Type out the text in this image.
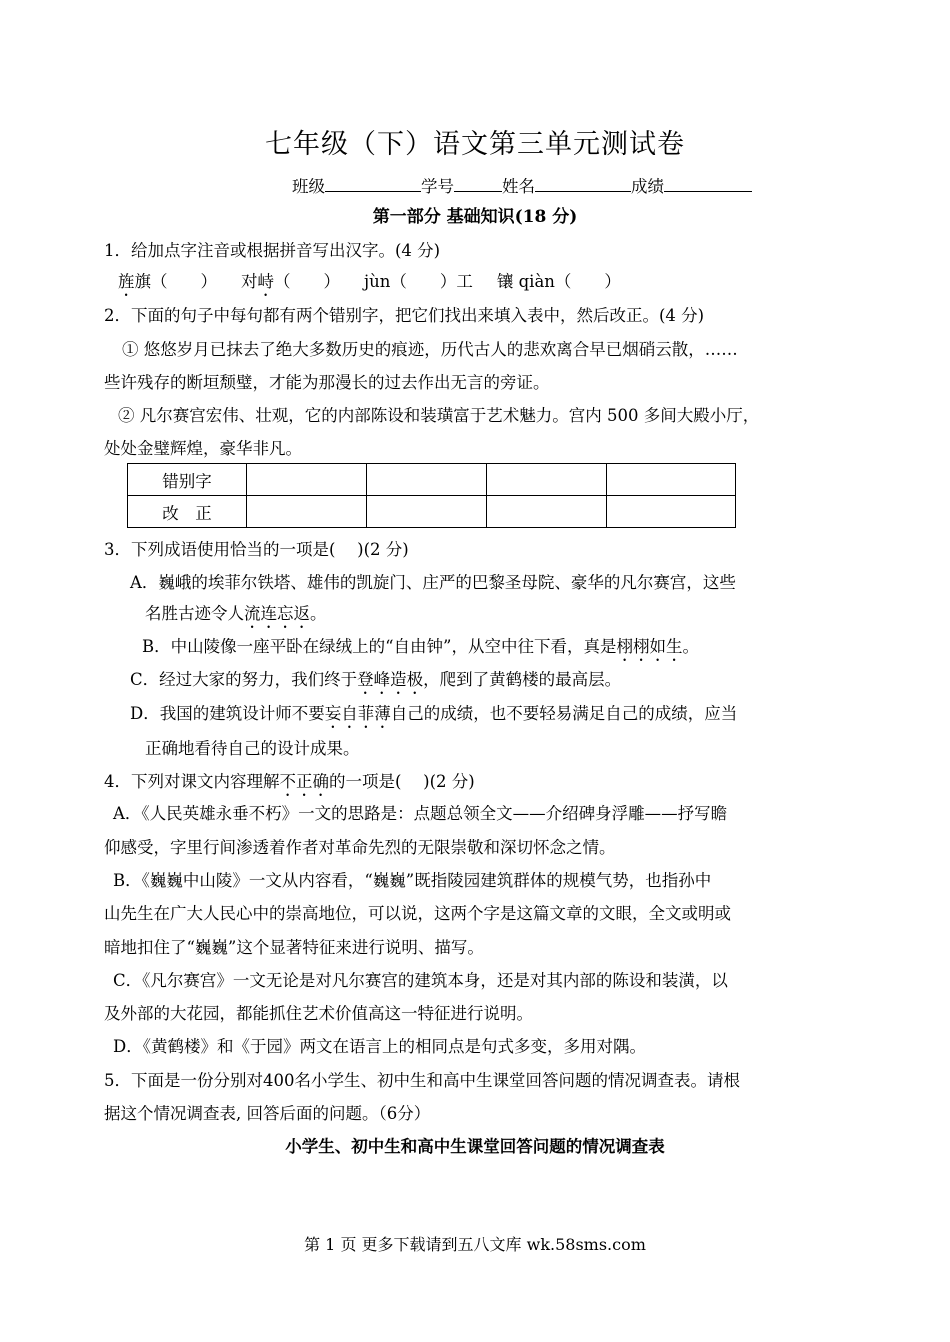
七年级（下）语文第三单元测试卷
班级	学号	姓名	成绩
第一部分 基础知识(18 分)
1．给加点字注音或根据拼音写出汉字。(4 分)
旌旗（　　） 对峙（　　） jùn（　　）工 镶 qiàn（　　）
2．下面的句子中每句都有两个错别字，把它们找出来填入表中，然后改正。(4 分)
① 悠悠岁月已抹去了绝大多数历史的痕迹，历代古人的悲欢离合早已烟硝云散，……
些许残存的断垣颓璧，才能为那漫长的过去作出无言的旁证。
② 凡尔赛宫宏伟、壮观，它的内部陈设和装璜富于艺术魅力。宫内 500 多间大殿小厅，
处处金璧辉煌，豪华非凡。
错别字				
改　正				
3．下列成语使用恰当的一项是(　 )(2 分)
A．巍峨的埃菲尔铁塔、雄伟的凯旋门、庄严的巴黎圣母院、豪华的凡尔赛宫，这些
名胜古迹令人流连忘返。
B．中山陵像一座平卧在绿绒上的“自由钟”，从空中往下看，真是栩栩如生。
C．经过大家的努力，我们终于登峰造极，爬到了黄鹤楼的最高层。
D．我国的建筑设计师不要妄自菲薄自己的成绩，也不要轻易满足自己的成绩，应当
正确地看待自己的设计成果。
4．下列对课文内容理解不正确的一项是(　 )(2 分)
A．《人民英雄永垂不朽》一文的思路是：点题总领全文——介绍碑身浮雕——抒写瞻
仰感受，字里行间渗透着作者对革命先烈的无限崇敬和深切怀念之情。
B．《巍巍中山陵》一文从内容看，“巍巍”既指陵园建筑群体的规模气势，也指孙中
山先生在广大人民心中的崇高地位，可以说，这两个字是这篇文章的文眼，全文或明或
暗地扣住了“巍巍”这个显著特征来进行说明、描写。
C．《凡尔赛宫》一文无论是对凡尔赛宫的建筑本身，还是对其内部的陈设和装潢，以
及外部的大花园，都能抓住艺术价值高这一特征进行说明。
D．《黄鹤楼》和《于园》两文在语言上的相同点是句式多变，多用对隅。
5．下面是一份分别对400名小学生、初中生和高中生课堂回答问题的情况调查表。请根
据这个情况调查表, 回答后面的问题。（6分）
小学生、初中生和高中生课堂回答问题的情况调查表
第 1 页 更多下载请到五八文库 wk.58sms.com
